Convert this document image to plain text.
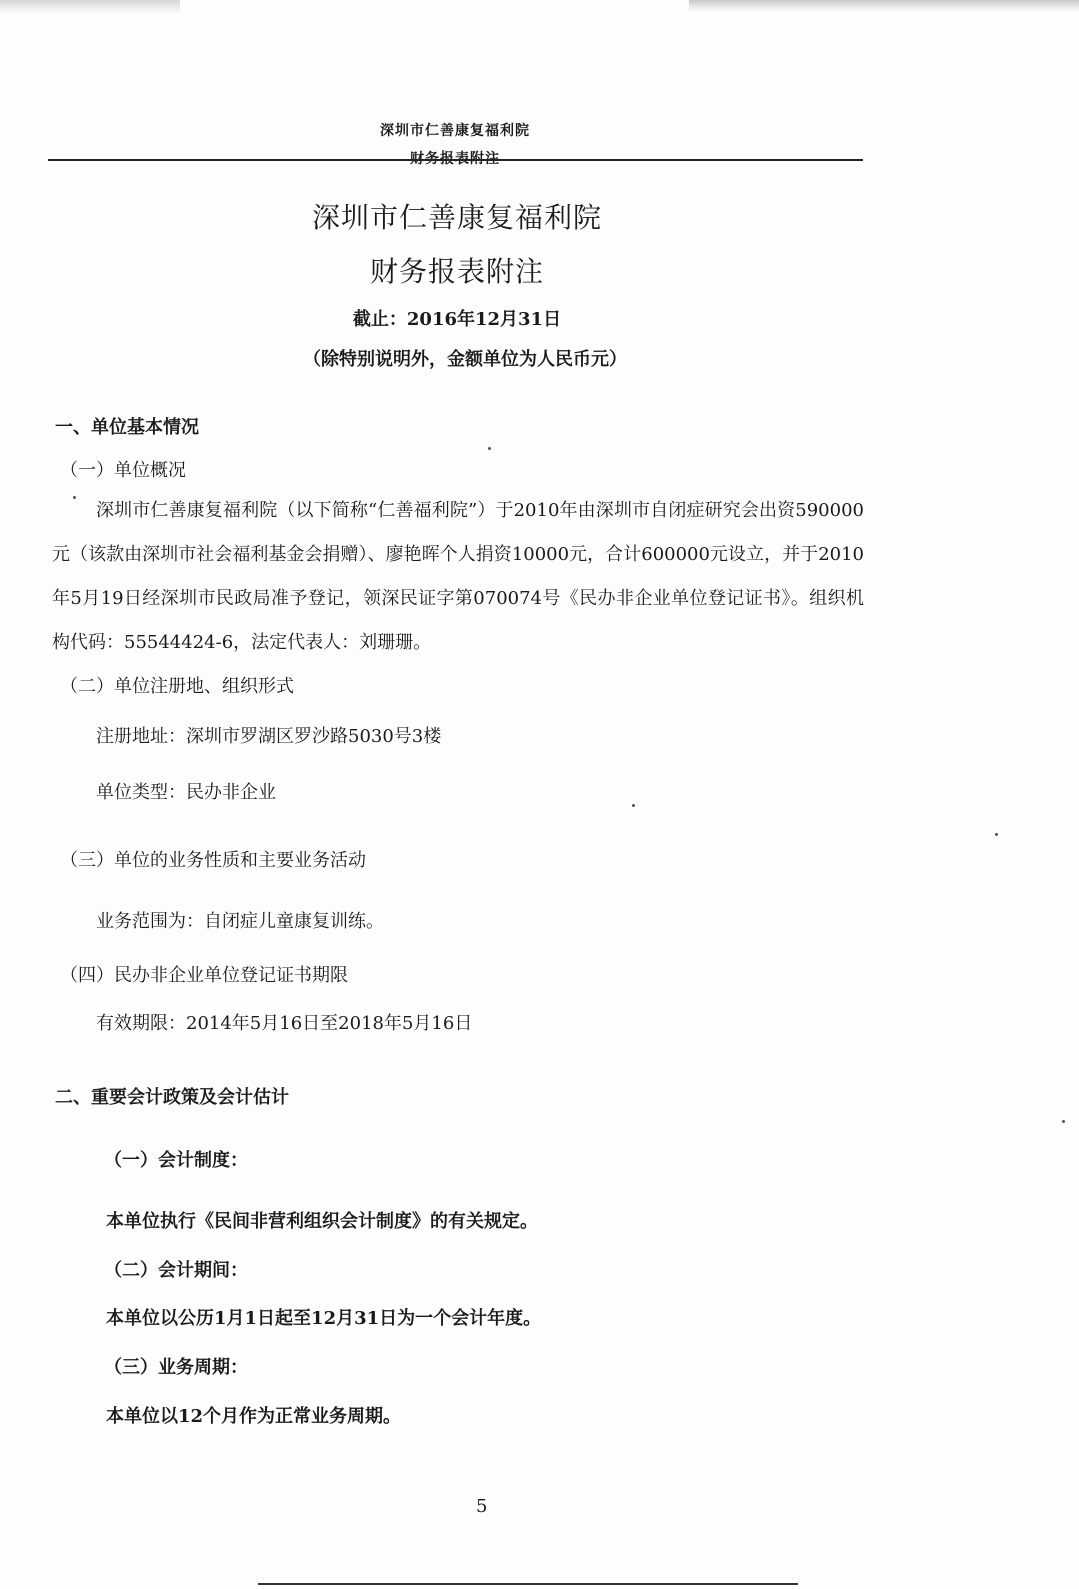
深圳市仁善康复福利院
财务报表附注
深圳市仁善康复福利院
财务报表附注
截止：2016年12月31日
（除特别说明外，金额单位为人民币元）
一、单位基本情况
（一）单位概况
深圳市仁善康复福利院（以下简称“仁善福利院”）于2010年由深圳市自闭症研究会出资590000元（该款由深圳市社会福利基金会捐赠）、廖艳晖个人捐资10000元，合计600000元设立，并于2010年5月19日经深圳市民政局准予登记，领深民证字第070074号《民办非企业单位登记证书》。组织机构代码：55544424-6，法定代表人：刘珊珊。
（二）单位注册地、组织形式
注册地址：深圳市罗湖区罗沙路5030号3楼
单位类型：民办非企业
（三）单位的业务性质和主要业务活动
业务范围为：自闭症儿童康复训练。
（四）民办非企业单位登记证书期限
有效期限：2014年5月16日至2018年5月16日
二、重要会计政策及会计估计
（一）会计制度：
本单位执行《民间非营利组织会计制度》的有关规定。
（二）会计期间：
本单位以公历1月1日起至12月31日为一个会计年度。
（三）业务周期：
本单位以12个月作为正常业务周期。
5
